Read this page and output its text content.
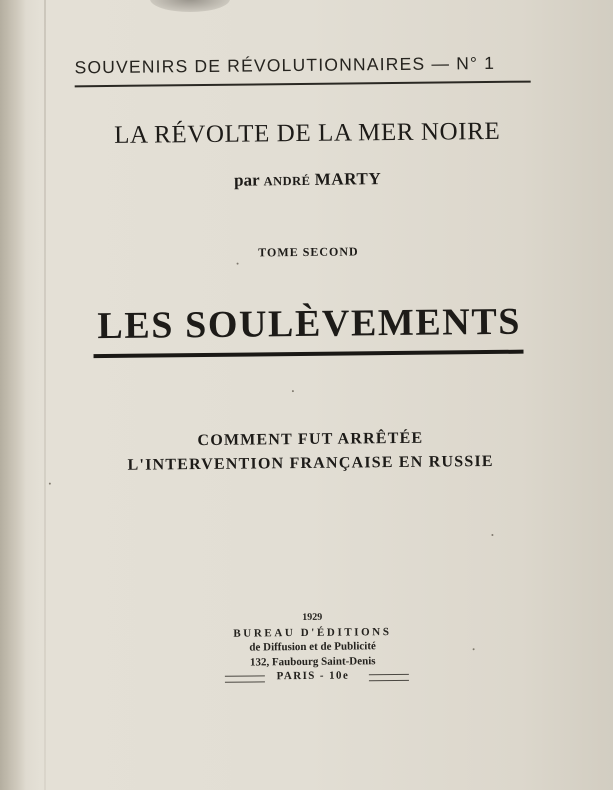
SOUVENIRS DE RÉVOLUTIONNAIRES — N° 1
LA RÉVOLTE DE LA MER NOIRE
par ANDRÉ MARTY
TOME SECOND
LES SOULÈVEMENTS
COMMENT FUT ARRÊTÉE
L'INTERVENTION FRANÇAISE EN RUSSIE
1929
BUREAU D'ÉDITIONS
de Diffusion et de Publicité
132, Faubourg Saint-Denis
PARIS - 10e
